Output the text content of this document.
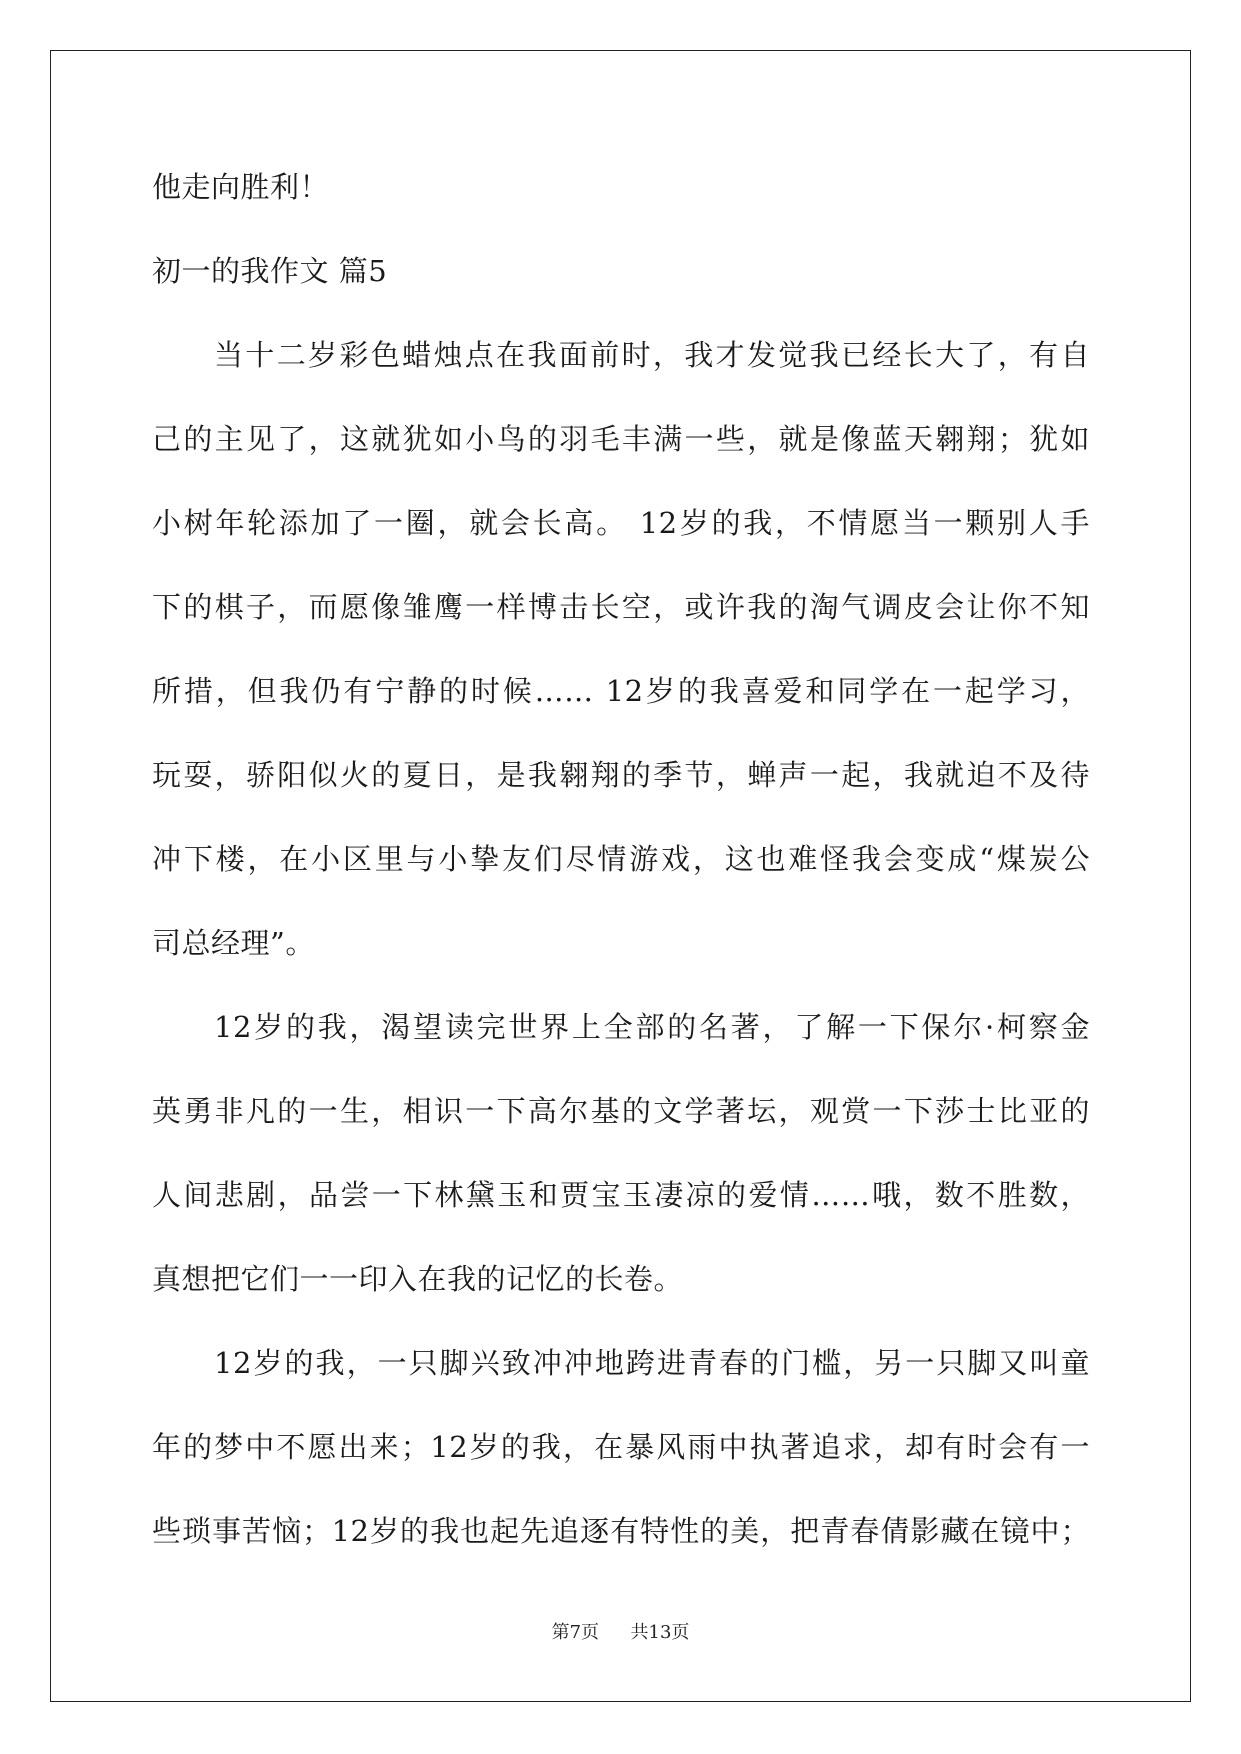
他走向胜利！
初一的我作文 篇5
当十二岁彩色蜡烛点在我面前时，我才发觉我已经长大了，有自
己的主见了，这就犹如小鸟的羽毛丰满一些，就是像蓝天翱翔；犹如
小树年轮添加了一圈，就会长高。 12岁的我，不情愿当一颗别人手
下的棋子，而愿像雏鹰一样博击长空，或许我的淘气调皮会让你不知
所措，但我仍有宁静的时候…… 12岁的我喜爱和同学在一起学习，
玩耍，骄阳似火的夏日，是我翱翔的季节，蝉声一起，我就迫不及待
冲下楼，在小区里与小挚友们尽情游戏，这也难怪我会变成“煤炭公
司总经理”。
12岁的我，渴望读完世界上全部的名著，了解一下保尔·柯察金
英勇非凡的一生，相识一下高尔基的文学著坛，观赏一下莎士比亚的
人间悲剧，品尝一下林黛玉和贾宝玉凄凉的爱情……哦，数不胜数，
真想把它们一一印入在我的记忆的长卷。
12岁的我，一只脚兴致冲冲地跨进青春的门槛，另一只脚又叫童
年的梦中不愿出来；12岁的我，在暴风雨中执著追求，却有时会有一
些琐事苦恼；12岁的我也起先追逐有特性的美，把青春倩影藏在镜中；
第7页 共13页
